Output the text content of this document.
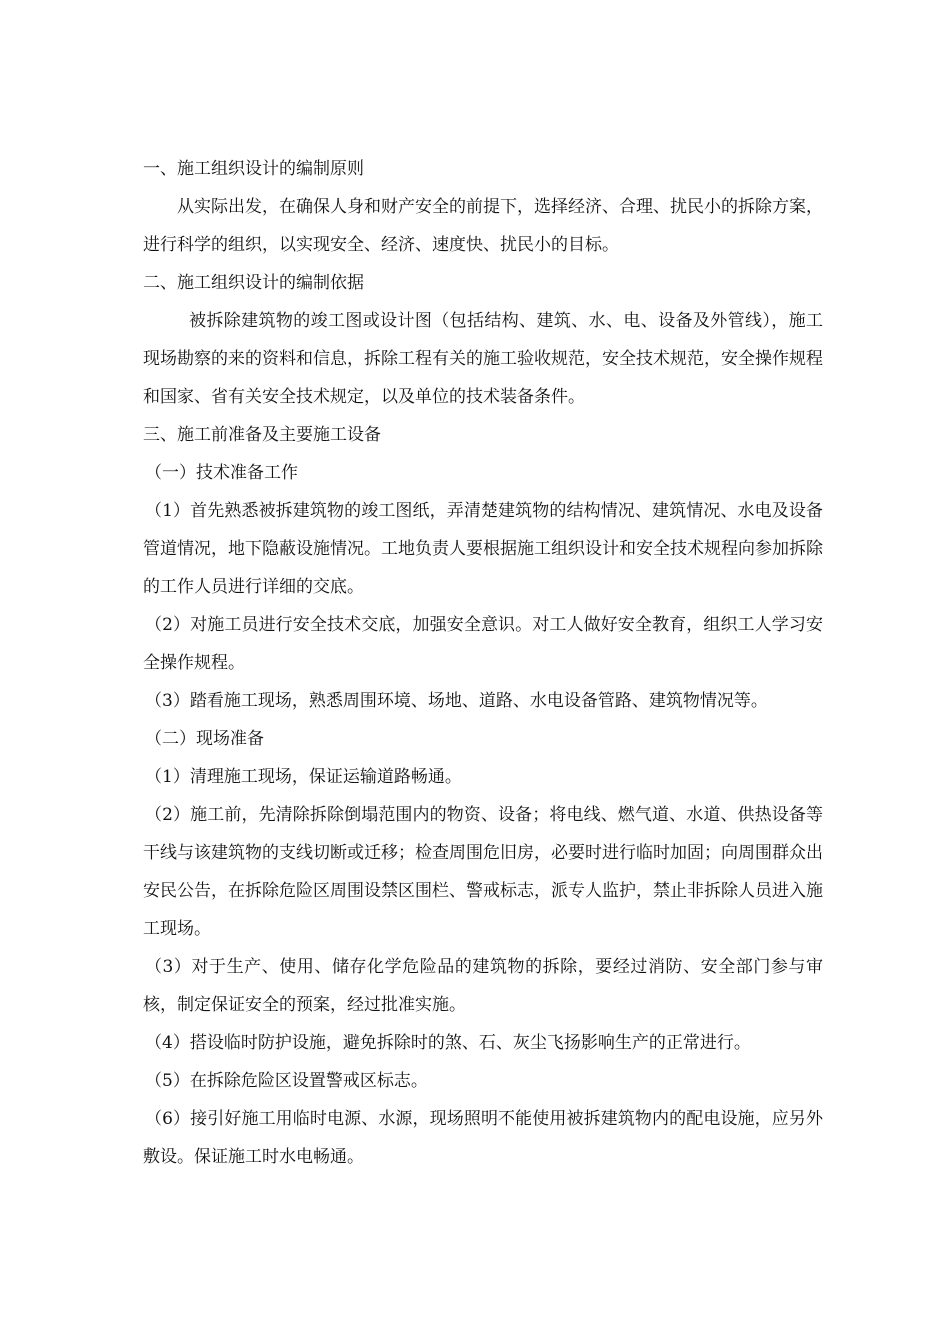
一、施工组织设计的编制原则

从实际出发，在确保人身和财产安全的前提下，选择经济、合理、扰民小的拆除方案，进行科学的组织，以实现安全、经济、速度快、扰民小的目标。

二、施工组织设计的编制依据

被拆除建筑物的竣工图或设计图（包括结构、建筑、水、电、设备及外管线），施工现场勘察的来的资料和信息，拆除工程有关的施工验收规范，安全技术规范，安全操作规程和国家、省有关安全技术规定，以及单位的技术装备条件。

三、施工前准备及主要施工设备

（一）技术准备工作

（1）首先熟悉被拆建筑物的竣工图纸，弄清楚建筑物的结构情况、建筑情况、水电及设备管道情况，地下隐蔽设施情况。工地负责人要根据施工组织设计和安全技术规程向参加拆除的工作人员进行详细的交底。

（2）对施工员进行安全技术交底，加强安全意识。对工人做好安全教育，组织工人学习安全操作规程。

（3）踏看施工现场，熟悉周围环境、场地、道路、水电设备管路、建筑物情况等。

（二）现场准备

（1）清理施工现场，保证运输道路畅通。

（2）施工前，先清除拆除倒塌范围内的物资、设备；将电线、燃气道、水道、供热设备等干线与该建筑物的支线切断或迁移；检查周围危旧房，必要时进行临时加固；向周围群众出安民公告，在拆除危险区周围设禁区围栏、警戒标志，派专人监护，禁止非拆除人员进入施工现场。

（3）对于生产、使用、储存化学危险品的建筑物的拆除，要经过消防、安全部门参与审核，制定保证安全的预案，经过批准实施。

（4）搭设临时防护设施，避免拆除时的煞、石、灰尘飞扬影响生产的正常进行。

（5）在拆除危险区设置警戒区标志。

（6）接引好施工用临时电源、水源，现场照明不能使用被拆建筑物内的配电设施，应另外敷设。保证施工时水电畅通。
